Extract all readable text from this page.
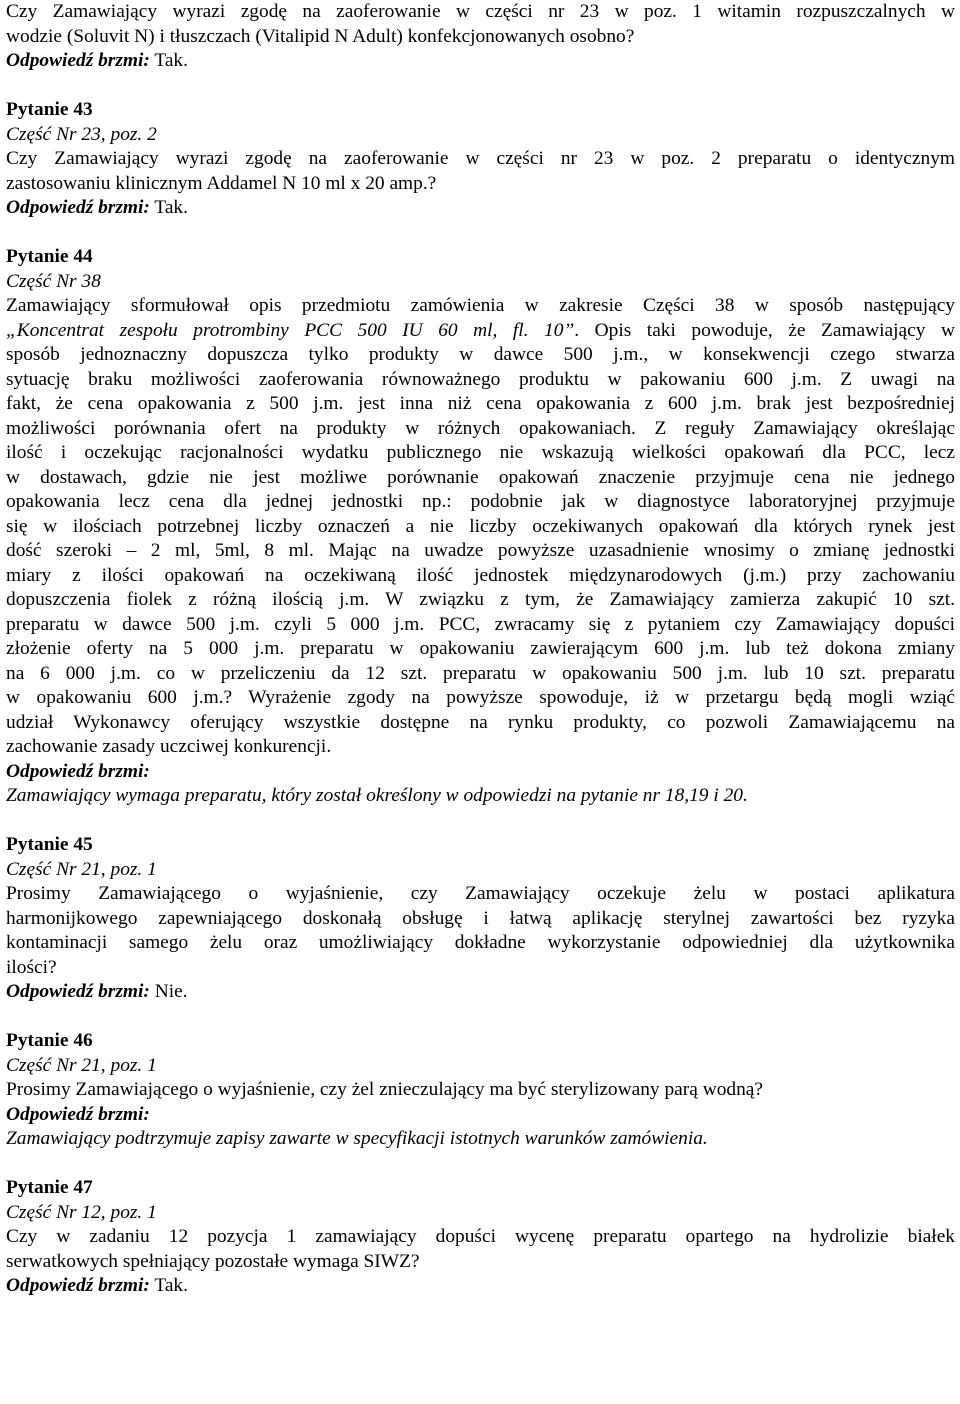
Czy Zamawiający wyrazi zgodę na zaoferowanie w części nr 23 w poz. 1 witamin rozpuszczalnych w
wodzie (Soluvit N) i tłuszczach (Vitalipid N Adult) konfekcjonowanych osobno?
Odpowiedź brzmi: Tak.
Pytanie 43
Część Nr 23, poz. 2
Czy Zamawiający wyrazi zgodę na zaoferowanie w części nr 23 w poz. 2 preparatu o identycznym
zastosowaniu klinicznym Addamel N 10 ml x 20 amp.?
Odpowiedź brzmi: Tak.
Pytanie 44
Część Nr 38
Zamawiający sformułował opis przedmiotu zamówienia w zakresie Części 38 w sposób następujący
„Koncentrat zespołu protrombiny PCC 500 IU 60 ml, fl. 10”. Opis taki powoduje, że Zamawiający w
sposób jednoznaczny dopuszcza tylko produkty w dawce 500 j.m., w konsekwencji czego stwarza
sytuację braku możliwości zaoferowania równoważnego produktu w pakowaniu 600 j.m. Z uwagi na
fakt, że cena opakowania z 500 j.m. jest inna niż cena opakowania z 600 j.m. brak jest bezpośredniej
możliwości porównania ofert na produkty w różnych opakowaniach. Z reguły Zamawiający określając
ilość i oczekując racjonalności wydatku publicznego nie wskazują wielkości opakowań dla PCC, lecz
w dostawach, gdzie nie jest możliwe porównanie opakowań znaczenie przyjmuje cena nie jednego
opakowania lecz cena dla jednej jednostki np.: podobnie jak w diagnostyce laboratoryjnej przyjmuje
się w ilościach potrzebnej liczby oznaczeń a nie liczby oczekiwanych opakowań dla których rynek jest
dość szeroki – 2 ml, 5ml, 8 ml. Mając na uwadze powyższe uzasadnienie wnosimy o zmianę jednostki
miary z ilości opakowań na oczekiwaną ilość jednostek międzynarodowych (j.m.) przy zachowaniu
dopuszczenia fiolek z różną ilością j.m. W związku z tym, że Zamawiający zamierza zakupić 10 szt.
preparatu w dawce 500 j.m. czyli 5 000 j.m. PCC, zwracamy się z pytaniem czy Zamawiający dopuści
złożenie oferty na 5 000 j.m. preparatu w opakowaniu zawierającym 600 j.m. lub też dokona zmiany
na 6 000 j.m. co w przeliczeniu da 12 szt. preparatu w opakowaniu 500 j.m. lub 10 szt. preparatu
w opakowaniu 600 j.m.? Wyrażenie zgody na powyższe spowoduje, iż w przetargu będą mogli wziąć
udział Wykonawcy oferujący wszystkie dostępne na rynku produkty, co pozwoli Zamawiającemu na
zachowanie zasady uczciwej konkurencji.
Odpowiedź brzmi:
Zamawiający wymaga preparatu, który został określony w odpowiedzi na pytanie nr 18,19 i 20.
Pytanie 45
Część Nr 21, poz. 1
Prosimy Zamawiającego o wyjaśnienie, czy Zamawiający oczekuje żelu w postaci aplikatura
harmonijkowego zapewniającego doskonałą obsługę i łatwą aplikację sterylnej zawartości bez ryzyka
kontaminacji samego żelu oraz umożliwiający dokładne wykorzystanie odpowiedniej dla użytkownika
ilości?
Odpowiedź brzmi: Nie.
Pytanie 46
Część Nr 21, poz. 1
Prosimy Zamawiającego o wyjaśnienie, czy żel znieczulający ma być sterylizowany parą wodną?
Odpowiedź brzmi:
Zamawiający podtrzymuje zapisy zawarte w specyfikacji istotnych warunków zamówienia.
Pytanie 47
Część Nr 12, poz. 1
Czy w zadaniu 12 pozycja 1 zamawiający dopuści wycenę preparatu opartego na hydrolizie białek
serwatkowych spełniający pozostałe wymaga SIWZ?
Odpowiedź brzmi: Tak.
